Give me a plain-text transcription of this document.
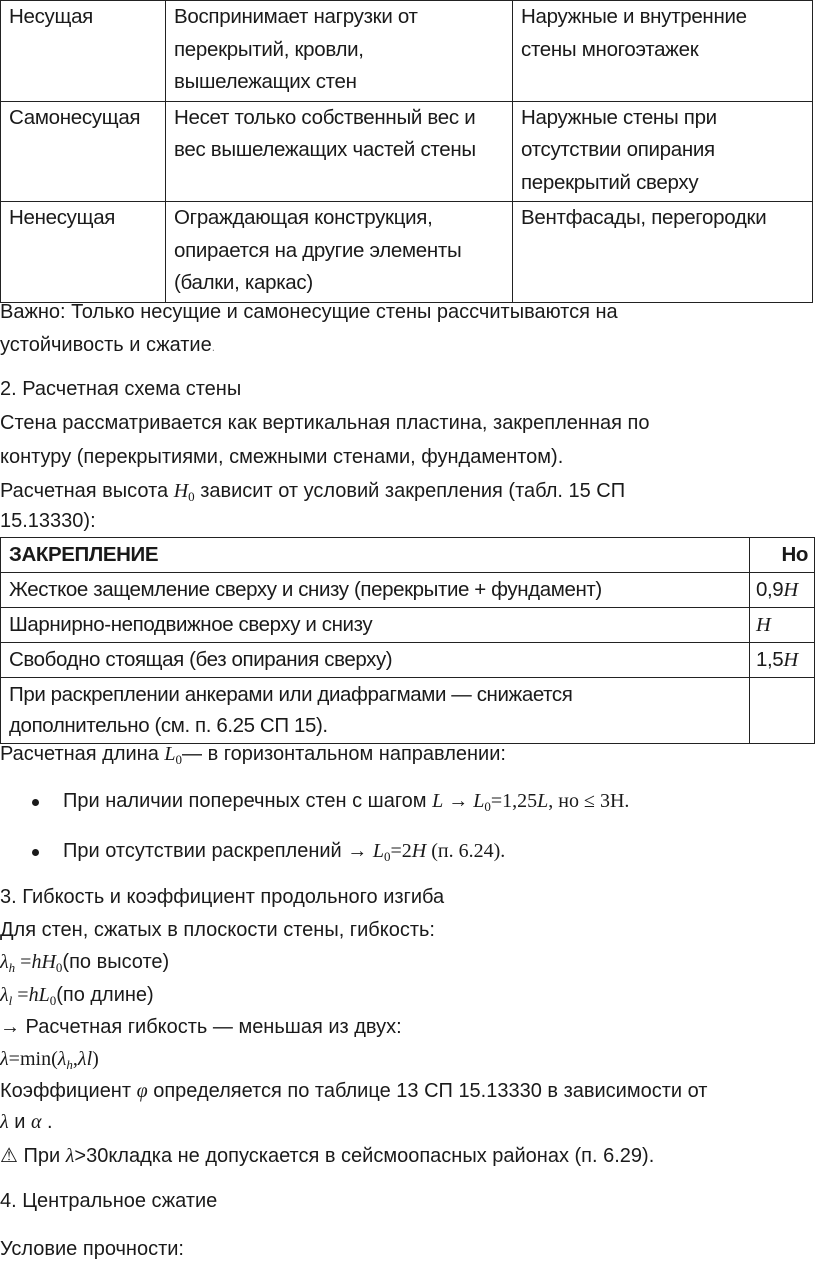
Несущая	Воспринимает нагрузки от перекрытий, кровли, вышележащих стен	Наружные и внутренние стены многоэтажек
Самонесущая	Несет только собственный вес и вес вышележащих частей стены	Наружные стены при отсутствии опирания перекрытий сверху
Ненесущая	Ограждающая конструкция, опирается на другие элементы (балки, каркас)	Вентфасады, перегородки

Важно: Только несущие и самонесущие стены рассчитываются на

устойчивость и сжатие.

2. Расчетная схема стены

Стена рассматривается как вертикальная пластина, закрепленная по

контуру (перекрытиями, смежными стенами, фундаментом).

Расчетная высота $H_0$ зависит от условий закрепления (табл. 15 СП

15.13330):

ЗАКРЕПЛЕНИЕ	Ho
Жесткое защемление сверху и снизу (перекрытие + фундамент)	0,9H
Шарнирно-неподвижное сверху и снизу	H
Свободно стоящая (без опирания сверху)	1,5H
При раскреплении анкерами или диафрагмами — снижается
дополнительно (см. п. 6.25 СП 15).	

Расчетная длина $L_0—$ в горизонтальном направлении:

При наличии поперечных стен с шагом $L \to L_0=1,25L$, но ≤ 3Н.

При отсутствии раскреплений → $L_0=2H$ (п. 6.24).

3. Гибкость и коэффициент продольного изгиба

Для стен, сжатых в плоскости стены, гибкость:

$\lambda_h =hH_0(по$ высоте)

$\lambda_l =hL_0(по$ длине)

→ Расчетная гибкость — меньшая из двух:

$\lambda=\min(\lambda_h,\lambda l)$

Коэффициент φ определяется по таблице 13 СП 15.13330 в зависимости от

λ и α .

⚠ При λ>30кладка не допускается в сейсмоопасных районах (п. 6.29).

4. Центральное сжатие

Условие прочности:
